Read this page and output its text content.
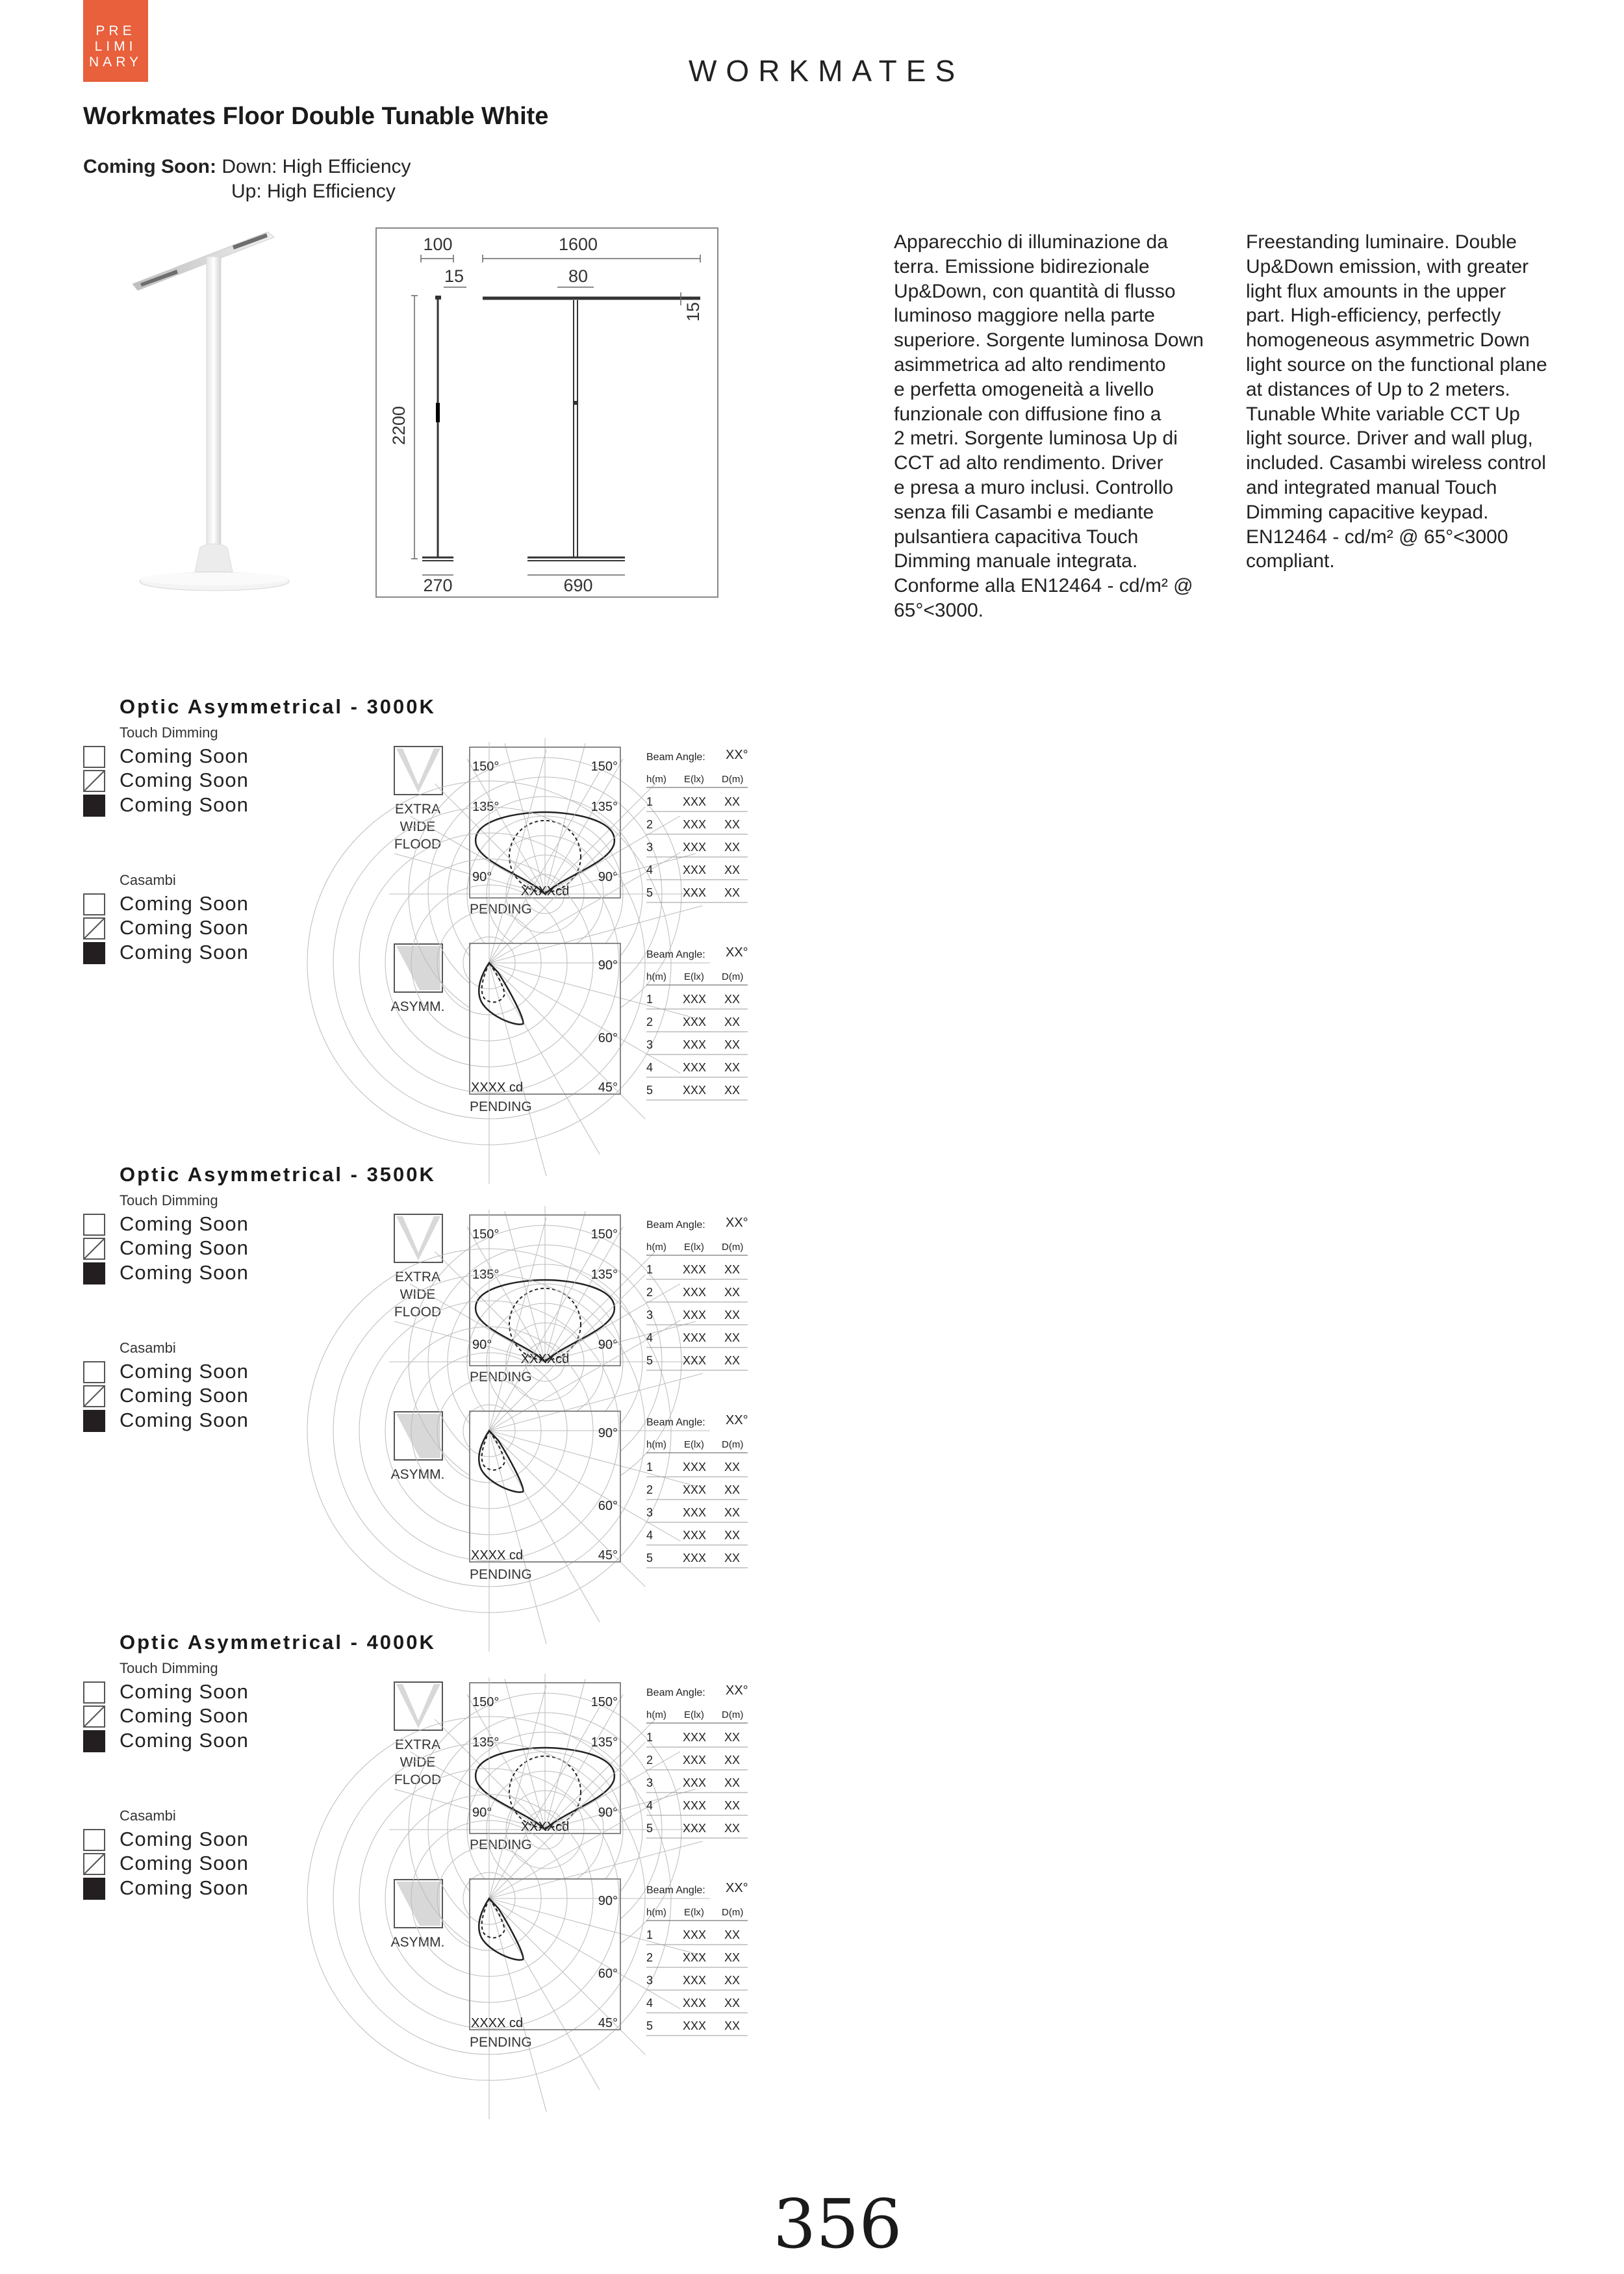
PRE
LIMI
NARY	WORKMATES
Workmates Floor Double Tunable White
Coming Soon: Down: High Efficiency
Up: High Efficiency
100	1600
15	80
15
2200
270	690
Apparecchio di illuminazione da
terra. Emissione bidirezionale
Up&Down, con quantità di flusso
luminoso maggiore nella parte
superiore. Sorgente luminosa Down
asimmetrica ad alto rendimento
e perfetta omogeneità a livello
funzionale con diffusione fino a
2 metri. Sorgente luminosa Up di
CCT ad alto rendimento. Driver
e presa a muro inclusi. Controllo
senza fili Casambi e mediante
pulsantiera capacitiva Touch
Dimming manuale integrata.
Conforme alla EN12464 - cd/m² @
65°<3000.
Freestanding luminaire. Double
Up&Down emission, with greater
light flux amounts in the upper
part. High-efficiency, perfectly
homogeneous asymmetric Down
light source on the functional plane
at distances of Up to 2 meters.
Tunable White variable CCT Up
light source. Driver and wall plug,
included. Casambi wireless control
and integrated manual Touch
Dimming capacitive keypad.
EN12464 - cd/m² @ 65°<3000
compliant.
Optic Asymmetrical - 3000K
Touch Dimming
Coming Soon
Coming Soon
Coming Soon
Casambi
Coming Soon
Coming Soon
Coming Soon
EXTRA
WIDE
FLOOD
ASYMM.
150°	150°
135°	135°
90°	90°
XXXXcd
PENDING
90°
60°
45°
XXXX cd
PENDING
Beam Angle: XX°
h(m) E(lx) D(m)
1	XXX XX
2	XXX XX
3	XXX XX
4	XXX XX
5	XXX XX
Beam Angle: XX°
h(m) E(lx) D(m)
1	XXX XX
2	XXX XX
3	XXX XX
4	XXX XX
5	XXX XX
Optic Asymmetrical - 3500K
Touch Dimming
Coming Soon
Coming Soon
Coming Soon
Casambi
Coming Soon
Coming Soon
Coming Soon
EXTRA
WIDE
FLOOD
ASYMM.
150°	150°
135°	135°
90°	90°
XXXXcd
PENDING
90°
60°
45°
XXXX cd
PENDING
Beam Angle: XX°
h(m) E(lx) D(m)
1	XXX XX
2	XXX XX
3	XXX XX
4	XXX XX
5	XXX XX
Beam Angle: XX°
h(m) E(lx) D(m)
1	XXX XX
2	XXX XX
3	XXX XX
4	XXX XX
5	XXX XX
Optic Asymmetrical - 4000K
Touch Dimming
Coming Soon
Coming Soon
Coming Soon
Casambi
Coming Soon
Coming Soon
Coming Soon
EXTRA
WIDE
FLOOD
ASYMM.
150°	150°
135°	135°
90°	90°
XXXXcd
PENDING
90°
60°
45°
XXXX cd
PENDING
Beam Angle: XX°
h(m) E(lx) D(m)
1	XXX XX
2	XXX XX
3	XXX XX
4	XXX XX
5	XXX XX
Beam Angle: XX°
h(m) E(lx) D(m)
1	XXX XX
2	XXX XX
3	XXX XX
4	XXX XX
5	XXX XX
356
